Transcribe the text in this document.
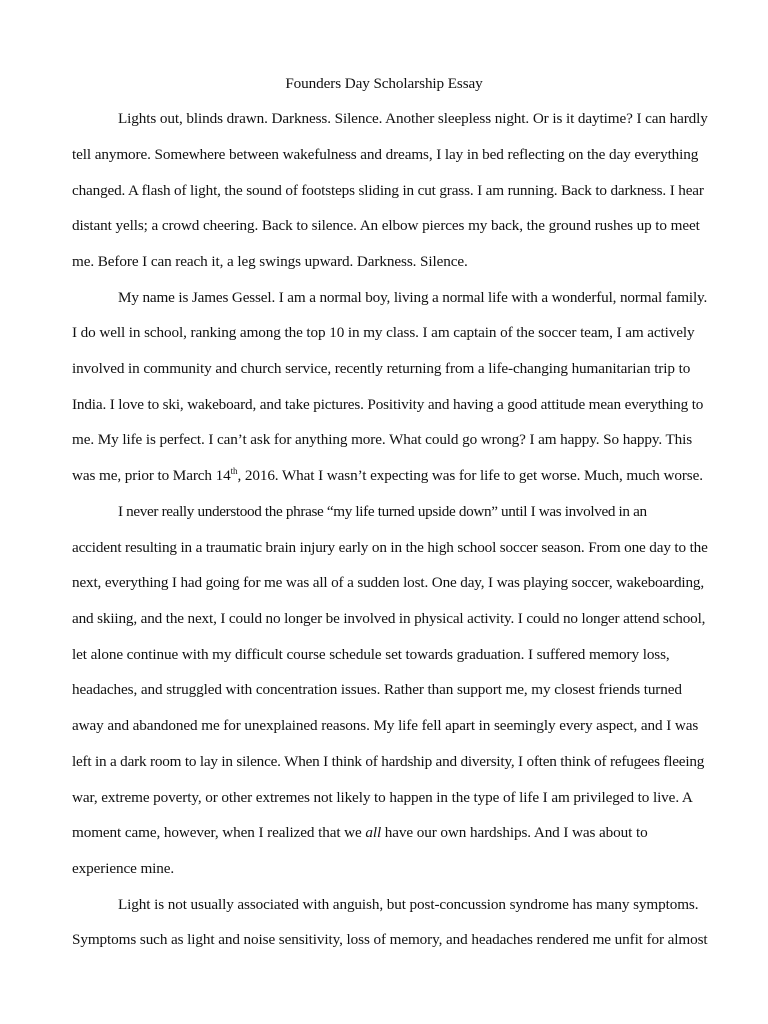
Founders Day Scholarship Essay
Lights out, blinds drawn. Darkness. Silence. Another sleepless night. Or is it daytime? I can hardly
tell anymore. Somewhere between wakefulness and dreams, I lay in bed reflecting on the day everything
changed. A flash of light, the sound of footsteps sliding in cut grass. I am running. Back to darkness. I hear
distant yells; a crowd cheering. Back to silence. An elbow pierces my back, the ground rushes up to meet
me. Before I can reach it, a leg swings upward. Darkness. Silence.
My name is James Gessel. I am a normal boy, living a normal life with a wonderful, normal family.
I do well in school, ranking among the top 10 in my class. I am captain of the soccer team, I am actively
involved in community and church service, recently returning from a life-changing humanitarian trip to
India. I love to ski, wakeboard, and take pictures. Positivity and having a good attitude mean everything to
me. My life is perfect. I can’t ask for anything more. What could go wrong? I am happy. So happy. This
was me, prior to March 14th, 2016. What I wasn’t expecting was for life to get worse. Much, much worse.
I never really understood the phrase “my life turned upside down” until I was involved in an
accident resulting in a traumatic brain injury early on in the high school soccer season. From one day to the
next, everything I had going for me was all of a sudden lost. One day, I was playing soccer, wakeboarding,
and skiing, and the next, I could no longer be involved in physical activity. I could no longer attend school,
let alone continue with my difficult course schedule set towards graduation. I suffered memory loss,
headaches, and struggled with concentration issues. Rather than support me, my closest friends turned
away and abandoned me for unexplained reasons. My life fell apart in seemingly every aspect, and I was
left in a dark room to lay in silence. When I think of hardship and diversity, I often think of refugees fleeing
war, extreme poverty, or other extremes not likely to happen in the type of life I am privileged to live. A
moment came, however, when I realized that we all have our own hardships. And I was about to
experience mine.
Light is not usually associated with anguish, but post-concussion syndrome has many symptoms.
Symptoms such as light and noise sensitivity, loss of memory, and headaches rendered me unfit for almost
